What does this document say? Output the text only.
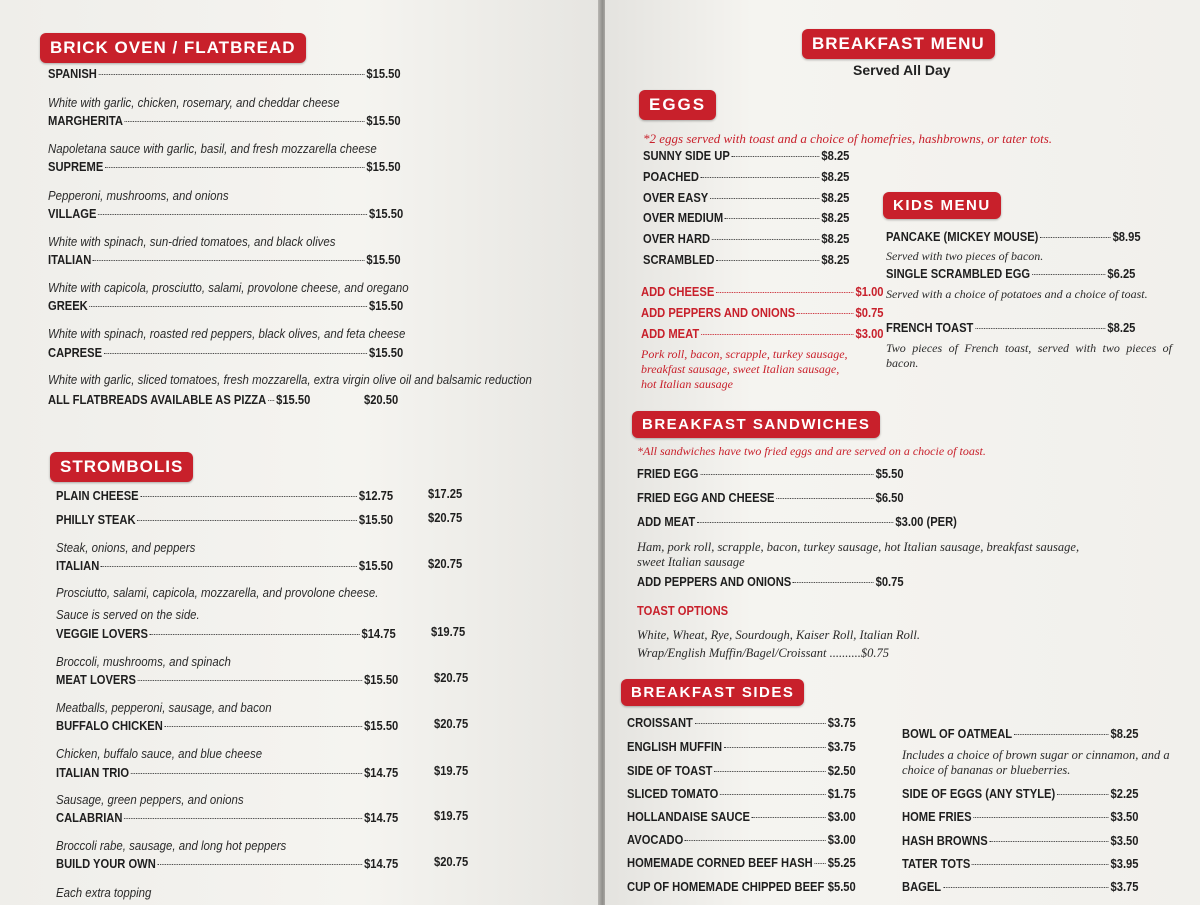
BRICK OVEN / FLATBREAD
SPANISH	$15.50
White with garlic, chicken, rosemary, and cheddar cheese
MARGHERITA	$15.50
Napoletana sauce with garlic, basil, and fresh mozzarella cheese
SUPREME	$15.50
Pepperoni, mushrooms, and onions
VILLAGE	$15.50
White with spinach, sun-dried tomatoes, and black olives
ITALIAN	$15.50
White with capicola, prosciutto, salami, provolone cheese, and oregano
GREEK	$15.50
White with spinach, roasted red peppers, black olives, and feta cheese
CAPRESE	$15.50
White with garlic, sliced tomatoes, fresh mozzarella, extra virgin olive oil and balsamic reduction
ALL FLATBREADS AVAILABLE AS PIZZA $15.50	$20.50
STROMBOLIS
PLAIN CHEESE	$12.75	$17.25
PHILLY STEAK	$15.50	$20.75
Steak, onions, and peppers
ITALIAN	$15.50	$20.75
Prosciutto, salami, capicola, mozzarella, and provolone cheese.
Sauce is served on the side.
VEGGIE LOVERS	$14.75	$19.75
Broccoli, mushrooms, and spinach
MEAT LOVERS	$15.50	$20.75
Meatballs, pepperoni, sausage, and bacon
BUFFALO CHICKEN	$15.50	$20.75
Chicken, buffalo sauce, and blue cheese
ITALIAN TRIO	$14.75	$19.75
Sausage, green peppers, and onions
CALABRIAN	$14.75	$19.75
Broccoli rabe, sausage, and long hot peppers
BUILD YOUR OWN	$14.75	$20.75
Each extra topping
BREAKFAST MENU
Served All Day
EGGS
*2 eggs served with toast and a choice of homefries, hashbrowns, or tater tots.
SUNNY SIDE UP	$8.25
POACHED	$8.25
OVER EASY	$8.25
OVER MEDIUM	$8.25
OVER HARD	$8.25
SCRAMBLED	$8.25
ADD CHEESE	$1.00
ADD PEPPERS AND ONIONS	$0.75
ADD MEAT	$3.00
Pork roll, bacon, scrapple, turkey sausage,
breakfast sausage, sweet Italian sausage,
hot Italian sausage
KIDS MENU
PANCAKE (MICKEY MOUSE)	$8.95
Served with two pieces of bacon.
SINGLE SCRAMBLED EGG	$6.25
Served with a choice of potatoes and a choice of toast.
FRENCH TOAST	$8.25
Two pieces of French toast, served with two pieces of bacon.
BREAKFAST SANDWICHES
*All sandwiches have two fried eggs and are served on a chocie of toast.
FRIED EGG	$5.50
FRIED EGG AND CHEESE	$6.50
ADD MEAT	$3.00 (PER)
Ham, pork roll, scrapple, bacon, turkey sausage, hot Italian sausage, breakfast sausage,
sweet Italian sausage
ADD PEPPERS AND ONIONS	$0.75
TOAST OPTIONS
White, Wheat, Rye, Sourdough, Kaiser Roll, Italian Roll.
Wrap/English Muffin/Bagel/Croissant ..........$0.75
BREAKFAST SIDES
CROISSANT	$3.75
ENGLISH MUFFIN	$3.75
SIDE OF TOAST	$2.50
SLICED TOMATO	$1.75
HOLLANDAISE SAUCE	$3.00
AVOCADO	$3.00
HOMEMADE CORNED BEEF HASH $5.25
CUP OF HOMEMADE CHIPPED BEEF $5.50
BOWL OF OATMEAL	$8.25
Includes a choice of brown sugar or cinnamon, and a choice of bananas or blueberries.
SIDE OF EGGS (ANY STYLE)	$2.25
HOME FRIES	$3.50
HASH BROWNS	$3.50
TATER TOTS	$3.95
BAGEL	$3.75
